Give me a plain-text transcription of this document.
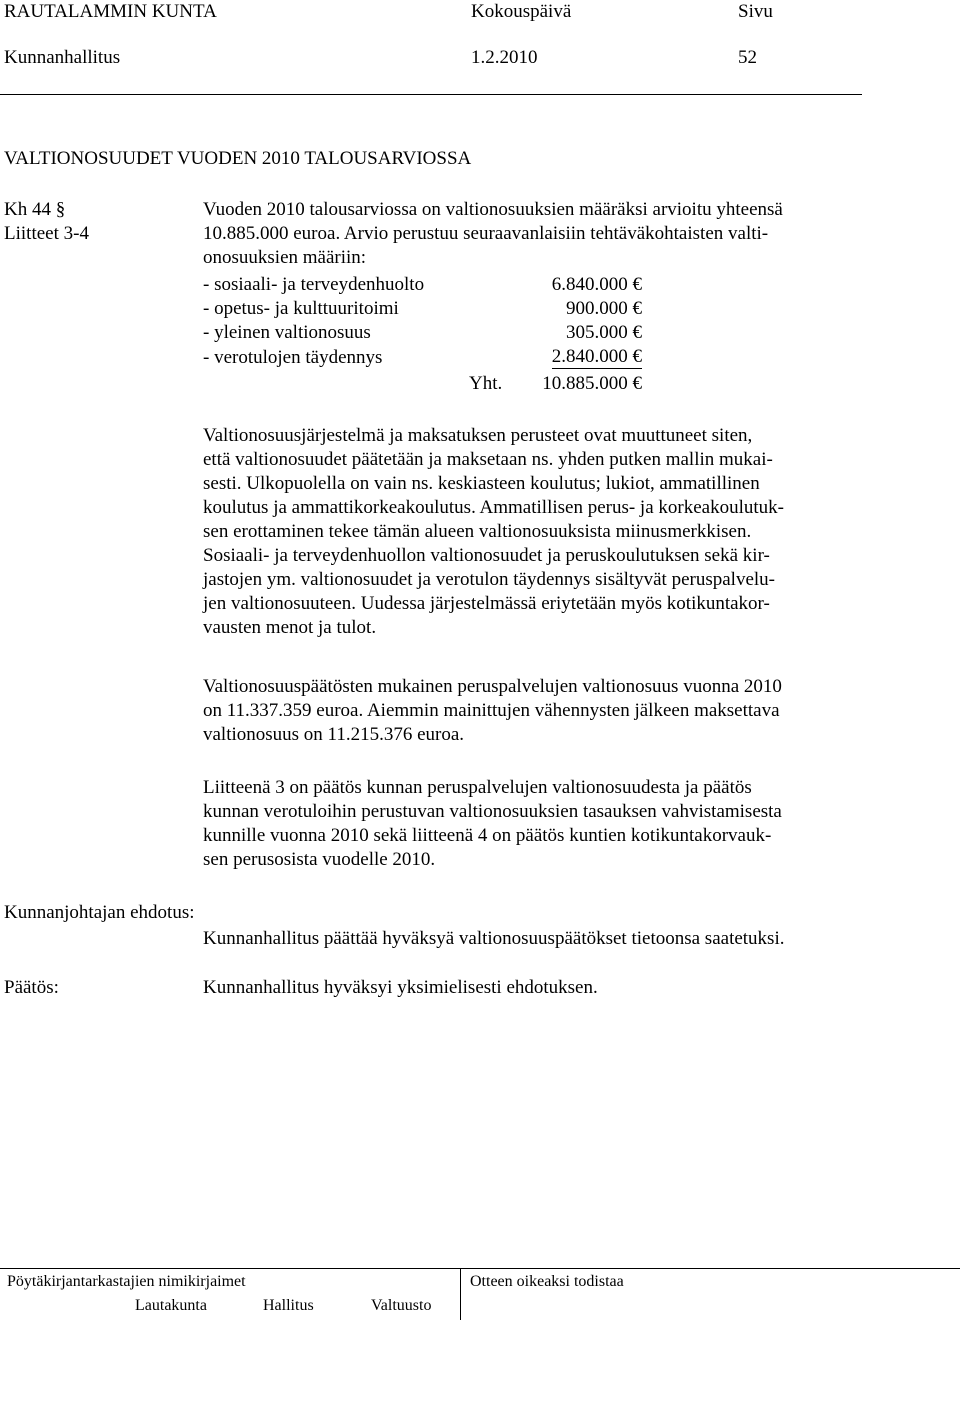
RAUTALAMMIN KUNTA	Kokouspäivä	Sivu
Kunnanhallitus	1.2.2010	52
VALTIONOSUUDET VUODEN 2010 TALOUSARVIOSSA
Kh 44 §
Liitteet 3-4
Vuoden 2010 talousarviossa on valtionosuuksien määräksi arvioitu yhteensä
10.885.000 euroa. Arvio perustuu seuraavanlaisiin tehtäväkohtaisten valti-
onosuuksien määriin:
- sosiaali- ja terveydenhuolto	6.840.000 €
- opetus- ja kulttuuritoimi	900.000 €
- yleinen valtionosuus	305.000 €
- verotulojen täydennys	2.840.000 €
Yht. 10.885.000 €
Valtionosuusjärjestelmä ja maksatuksen perusteet ovat muuttuneet siten,
että valtionosuudet päätetään ja maksetaan ns. yhden putken mallin mukai-
sesti. Ulkopuolella on vain ns. keskiasteen koulutus; lukiot, ammatillinen
koulutus ja ammattikorkeakoulutus. Ammatillisen perus- ja korkeakoulutuk-
sen erottaminen tekee tämän alueen valtionosuuksista miinusmerkkisen.
Sosiaali- ja terveydenhuollon valtionosuudet ja peruskoulutuksen sekä kir-
jastojen ym. valtionosuudet ja verotulon täydennys sisältyvät peruspalvelu-
jen valtionosuuteen. Uudessa järjestelmässä eriytetään myös kotikuntakor-
vausten menot ja tulot.
Valtionosuuspäätösten mukainen peruspalvelujen valtionosuus vuonna 2010
on 11.337.359 euroa. Aiemmin mainittujen vähennysten jälkeen maksettava
valtionosuus on 11.215.376 euroa.
Liitteenä 3 on päätös kunnan peruspalvelujen valtionosuudesta ja päätös
kunnan verotuloihin perustuvan valtionosuuksien tasauksen vahvistamisesta
kunnille vuonna 2010 sekä liitteenä 4 on päätös kuntien kotikuntakorvauk-
sen perusosista vuodelle 2010.
Kunnanjohtajan ehdotus:
Kunnanhallitus päättää hyväksyä valtionosuuspäätökset tietoonsa saatetuksi.
Päätös:	Kunnanhallitus hyväksyi yksimielisesti ehdotuksen.
Pöytäkirjantarkastajien nimikirjaimet	Otteen oikeaksi todistaa
Lautakunta	Hallitus	Valtuusto
